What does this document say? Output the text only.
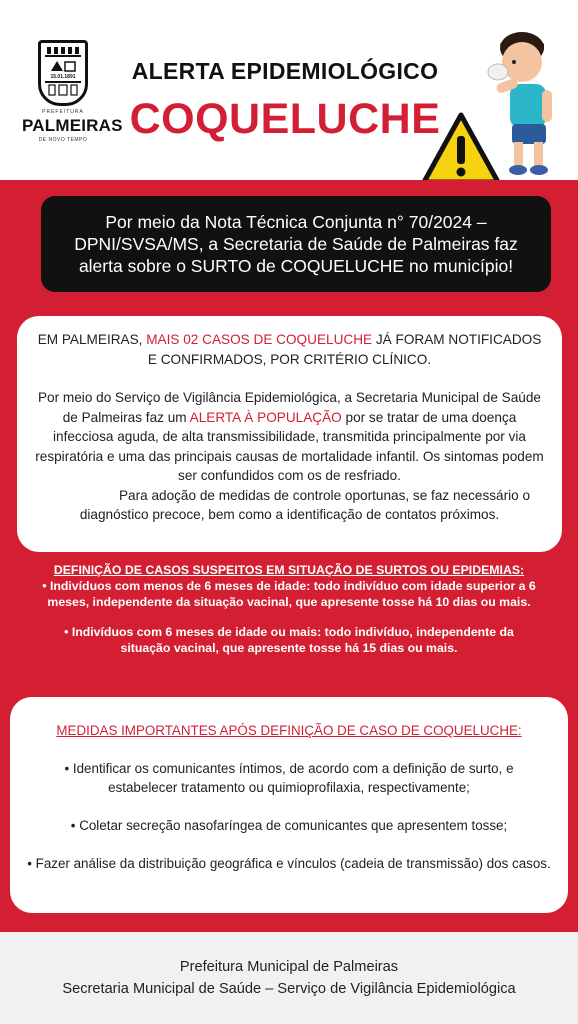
15.01.1891
PREFEITURA
PALMEIRAS
DE NOVO TEMPO
ALERTA EPIDEMIOLÓGICO
COQUELUCHE
Por meio da Nota Técnica Conjunta n° 70/2024 –
DPNI/SVSA/MS, a Secretaria de Saúde de Palmeiras faz
alerta sobre o SURTO de COQUELUCHE no município!

EM PALMEIRAS, MAIS 02 CASOS DE COQUELUCHE JÁ FORAM NOTIFICADOS E CONFIRMADOS, POR CRITÉRIO CLÍNICO.

Por meio do Serviço de Vigilância Epidemiológica, a Secretaria Municipal de Saúde de Palmeiras faz um ALERTA À POPULAÇÃO por se tratar de uma doença infecciosa aguda, de alta transmissibilidade, transmitida principalmente por via respiratória e uma das principais causas de mortalidade infantil. Os sintomas podem ser confundidos com os de resfriado.

Para adoção de medidas de controle oportunas, se faz necessário o diagnóstico precoce, bem como a identificação de contatos próximos.

DEFINIÇÃO DE CASOS SUSPEITOS EM SITUAÇÃO DE SURTOS OU EPIDEMIAS:

• Indivíduos com menos de 6 meses de idade: todo indivíduo com idade superior a 6 meses, independente da situação vacinal, que apresente tosse há 10 dias ou mais.

• Indivíduos com 6 meses de idade ou mais: todo indivíduo, independente da situação vacinal, que apresente tosse há 15 dias ou mais.

MEDIDAS IMPORTANTES APÓS DEFINIÇÃO DE CASO DE COQUELUCHE:

• Identificar os comunicantes íntimos, de acordo com a definição de surto, e estabelecer tratamento ou quimioprofilaxia, respectivamente;

• Coletar secreção nasofaríngea de comunicantes que apresentem tosse;

• Fazer análise da distribuição geográfica e vínculos (cadeia de transmissão) dos casos.

Prefeitura Municipal de Palmeiras
Secretaria Municipal de Saúde – Serviço de Vigilância Epidemiológica
